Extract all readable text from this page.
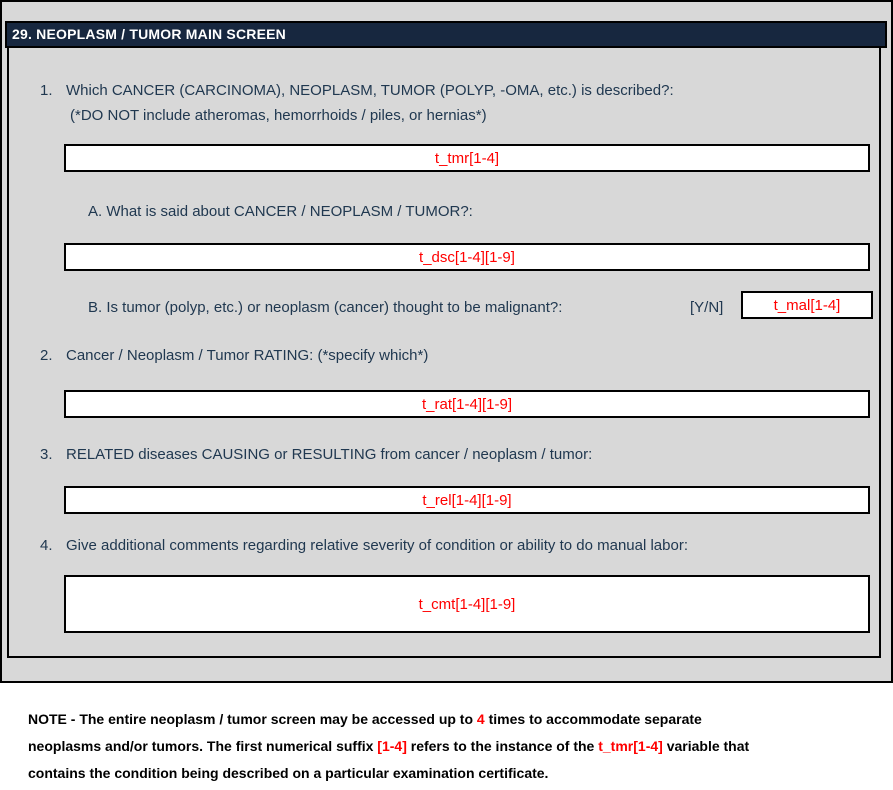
29. NEOPLASM / TUMOR MAIN SCREEN
1. Which CANCER (CARCINOMA), NEOPLASM, TUMOR (POLYP, -OMA, etc.) is described?:
(*DO NOT include atheromas, hemorrhoids / piles, or hernias*)
t_tmr[1-4]
A. What is said about CANCER / NEOPLASM / TUMOR?:
t_dsc[1-4][1-9]
B. Is tumor (polyp, etc.) or neoplasm (cancer) thought to be malignant?:	[Y/N]	t_mal[1-4]
2. Cancer / Neoplasm / Tumor RATING: (*specify which*)
t_rat[1-4][1-9]
3. RELATED diseases CAUSING or RESULTING from cancer / neoplasm / tumor:
t_rel[1-4][1-9]
4. Give additional comments regarding relative severity of condition or ability to do manual labor:
t_cmt[1-4][1-9]
NOTE - The entire neoplasm / tumor screen may be accessed up to 4 times to accommodate separate
neoplasms and/or tumors. The first numerical suffix [1-4] refers to the instance of the t_tmr[1-4] variable that
contains the condition being described on a particular examination certificate.
